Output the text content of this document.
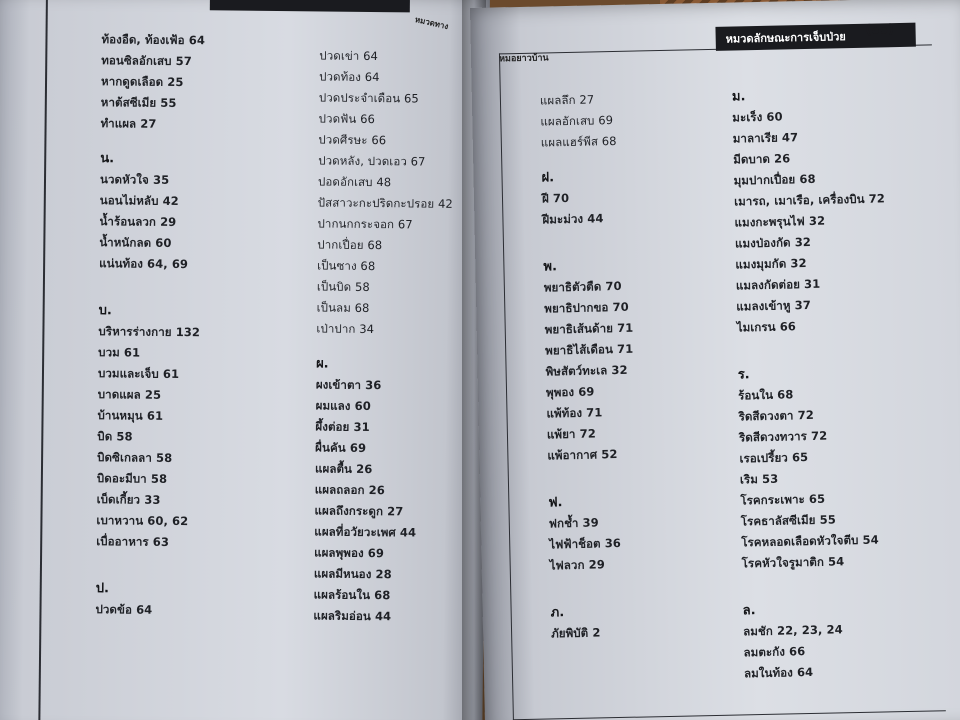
หมวดทาง
ท้องอืด, ท้องเฟ้อ 64
ทอนซิลอักเสบ 57
หากดูดเลือด 25
หาต้สซีเมีย 55
ทำแผล 27
น.
นวดหัวใจ 35
นอนไม่หลับ 42
น้ำร้อนลวก 29
น้ำหนักลด 60
แน่นท้อง 64, 69
บ.
บริหารร่างกาย 132
บวม 61
บวมและเจ็บ 61
บาดแผล 25
บ้านหมุน 61
บิด 58
บิดซิเกลลา 58
บิดอะมีบา 58
เบ็ดเกี้ยว 33
เบาหวาน 60, 62
เบื่ออาหาร 63
ป.
ปวดข้อ 64
ปวดเข่า 64
ปวดท้อง 64
ปวดประจำเดือน 65
ปวดฟัน 66
ปวดศีรษะ 66
ปวดหลัง, ปวดเอว 67
ปอดอักเสบ 48
ปัสสาวะกะปริดกะปรอย 42
ปากนกกระจอก 67
ปากเปื่อย 68
เป็นซาง 68
เป็นบิด 58
เป็นลม 68
เป่าปาก 34
ผ.
ผงเข้าตา 36
ผมแลง 60
ผึ้งต่อย 31
ผื่นคัน 69
แผลตื้น 26
แผลถลอก 26
แผลถึงกระดูก 27
แผลที่อวัยวะเพศ 44
แผลพุพอง 69
แผลมีหนอง 28
แผลร้อนใน 68
แผลริมอ่อน 44
หมอยาวบ้าน
หมวดลักษณะการเจ็บป่วย
(๑๑)
แผลลึก 27
แผลอักเสบ 69
แผลแฮร์พีส 68
ฝ.
ฝี 70
ฝีมะม่วง 44
พ.
พยาธิตัวตืด 70
พยาธิปากขอ 70
พยาธิเส้นด้าย 71
พยาธิไส้เดือน 71
พิษสัตว์ทะเล 32
พุพอง 69
แพ้ท้อง 71
แพ้ยา 72
แพ้อากาศ 52
ฟ.
ฟกช้ำ 39
ไฟฟ้าช็อต 36
ไฟลวก 29
ภ.
ภัยพิบัติ 2
ม.
มะเร็ง 60
มาลาเรีย 47
มีดบาด 26
มุมปากเปื่อย 68
เมารถ, เมาเรือ, เครื่องบิน 72
แมงกะพรุนไฟ 32
แมงป่องกัด 32
แมงมุมกัด 32
แมลงกัดต่อย 31
แมลงเข้าหู 37
ไมเกรน 66
ร.
ร้อนใน 68
ริดสีดวงตา 72
ริดสีดวงทวาร 72
เรอเปรี้ยว 65
เริม 53
โรคกระเพาะ 65
โรคธาลัสซีเมีย 55
โรคหลอดเลือดหัวใจตีบ 54
โรคหัวใจรูมาติก 54
ล.
ลมชัก 22, 23, 24
ลมตะกัง 66
ลมในท้อง 64
